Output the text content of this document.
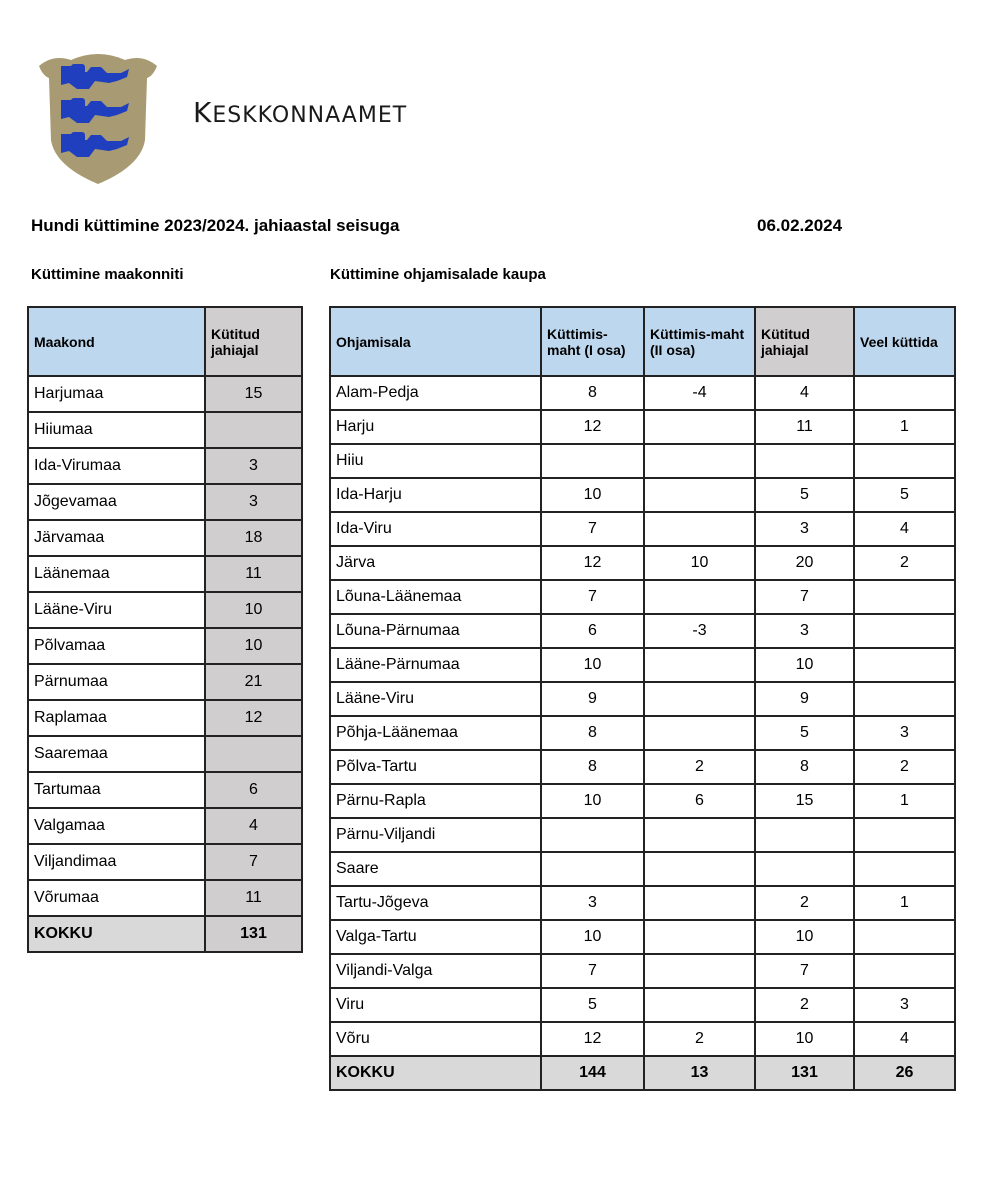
KESKKONNAAMET
Hundi küttimine 2023/2024. jahiaastal seisuga	06.02.2024
Küttimine maakonniti	Küttimine ohjamisalade kaupa
Maakond	Kütitud jahiajal
Harjumaa	15
Hiiumaa	
Ida-Virumaa	3
Jõgevamaa	3
Järvamaa	18
Läänemaa	11
Lääne-Viru	10
Põlvamaa	10
Pärnumaa	21
Raplamaa	12
Saaremaa	
Tartumaa	6
Valgamaa	4
Viljandimaa	7
Võrumaa	11
KOKKU	131
Ohjamisala	Küttimis-maht (I osa)	Küttimis-maht (II osa)	Kütitud jahiajal	Veel küttida
Alam-Pedja	8	-4	4	
Harju	12		11	1
Hiiu				
Ida-Harju	10		5	5
Ida-Viru	7		3	4
Järva	12	10	20	2
Lõuna-Läänemaa	7		7	
Lõuna-Pärnumaa	6	-3	3	
Lääne-Pärnumaa	10		10	
Lääne-Viru	9		9	
Põhja-Läänemaa	8		5	3
Põlva-Tartu	8	2	8	2
Pärnu-Rapla	10	6	15	1
Pärnu-Viljandi				
Saare				
Tartu-Jõgeva	3		2	1
Valga-Tartu	10		10	
Viljandi-Valga	7		7	
Viru	5		2	3
Võru	12	2	10	4
KOKKU	144	13	131	26
